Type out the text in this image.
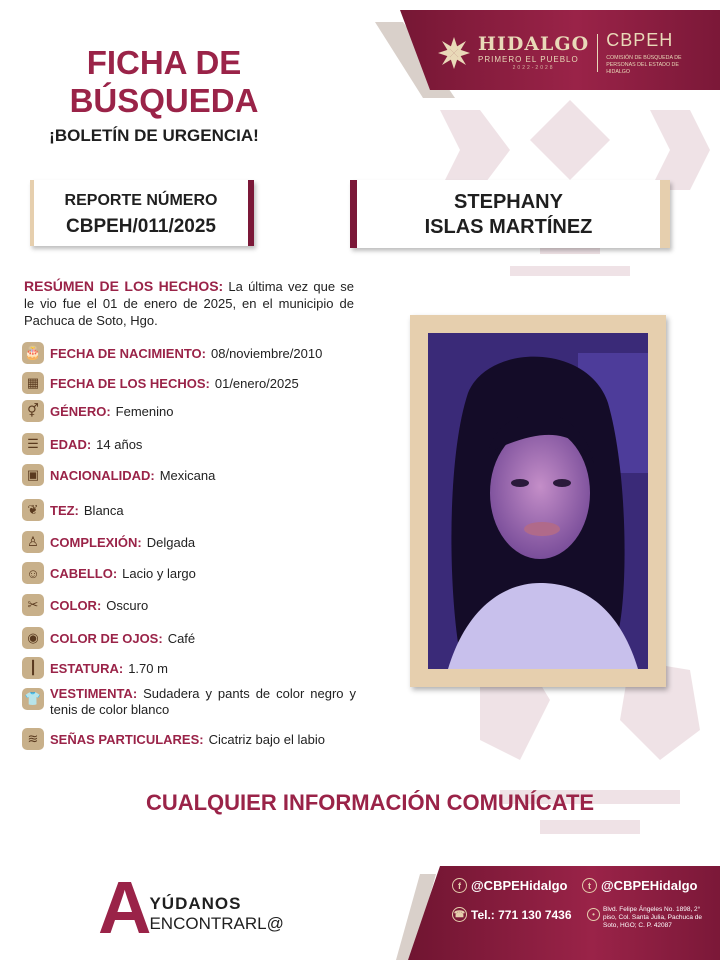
HIDALGO
PRIMERO EL PUEBLO
2022-2028
CBPEH
COMISIÓN DE BÚSQUEDA DE PERSONAS DEL ESTADO DE HIDALGO
FICHA DE
BÚSQUEDA
¡BOLETÍN DE URGENCIA!
REPORTE NÚMERO
CBPEH/011/2025
STEPHANY
ISLAS MARTÍNEZ
RESÚMEN DE LOS HECHOS: La última vez que se le vio fue el 01 de enero de 2025, en el municipio de Pachuca de Soto, Hgo.
🎂 FECHA DE NACIMIENTO: 08/noviembre/2010
▦ FECHA DE LOS HECHOS: 01/enero/2025
⚥ GÉNERO: Femenino
☰ EDAD: 14 años
▣ NACIONALIDAD: Mexicana
❦ TEZ: Blanca
♙ COMPLEXIÓN: Delgada
☺ CABELLO: Lacio y largo
✂ COLOR: Oscuro
◉ COLOR DE OJOS: Café
┃	ESTATURA: 1.70 m
👕 VESTIMENTA: Sudadera y pants de color negro y tenis de color blanco
≋ SEÑAS PARTICULARES: Cicatriz bajo el labio
CUALQUIER INFORMACIÓN COMUNÍCATE
A
YÚDANOS
ENCONTRARL@
f @CBPEHidalgo	t @CBPEHidalgo
☎ Tel.: 771 130 7436	•
Blvd. Felipe Ángeles No. 1898, 2° piso, Col. Santa Julia, Pachuca de Soto, HGO; C. P. 42087
